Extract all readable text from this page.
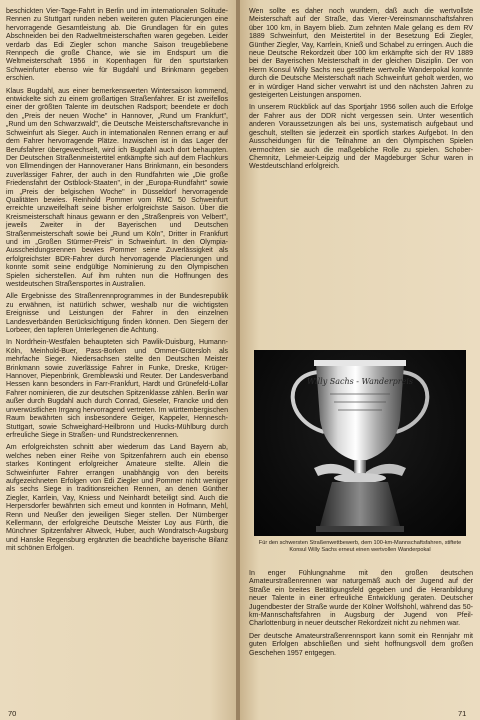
beschickten Vier-Tage-Fahrt in Berlin und im internationalen Solitude-Rennen zu Stuttgart runden neben weiteren guten Placierungen eine hervorragende Gesamtleistung ab. Die Grundlagen für ein gutes Abschneiden bei den Radweltmeisterschaften waren gegeben. Leider verdarb das Edi Ziegler schon manche Saison treugebliebene Rennpech die große Chance, wie sie im Endspurt um die Weltmeisterschaft 1956 in Kopenhagen für den spurtstarken Schweinfurter ebenso wie für Bugdahl und Brinkmann gegeben erschien.

Klaus Bugdahl, aus einer bemerkenswerten Wintersaison kommend, entwickelte sich zu einem großartigen Straßenfahrer. Er ist zweifellos einer der größten Talente im deutschen Radsport; beendete er doch den „Preis der neuen Woche" in Hannover, „Rund um Frankfurt", „Rund um den Schwarzwald", die Deutsche Meisterschaftsrevanche in Schweinfurt als Sieger. Auch in internationalen Rennen errang er auf dem Fahrer hervorragende Plätze. Inzwischen ist in das Lager der Berufsfahrer übergewechselt, wird ich Bugdahl auch dort behaupten. Der Deutschen Straßenmeistertitel entkämpfte sich auf dem Flachkurs von Ellmendingen der Hannoveraner Hans Brinkmann, ein besonders zuverlässiger Fahrer, der auch in den Rundfahrten wie „Die große Friedensfahrt der Ostblock-Staaten", in der „Europa-Rundfahrt" sowie im „Preis der belgischen Woche" in Düsseldorf hervorragende Qualitäten bewies. Reinhold Pommer vom RMC 50 Schweinfurt erreichte unzweifelhaft seine bisher erfolgreichste Saison. Über die Kreismeisterschaft hinaus gewann er den „Straßenpreis von Velbert", jeweils Zweiter in der Bayerischen und Deutschen Straßenmeisterschaft sowie bei „Rund um Köln", Dritter in Frankfurt und im „Großen Stürmer-Preis" in Schweinfurt. In den Olympia-Ausscheidungsrennen bewies Pommer seine Zuverlässigkeit als erfolgreichster BDR-Fahrer durch hervorragende Placierungen und konnte somit seine endgültige Nominierung zu den Olympischen Spielen sicherstellen. Auf ihm ruhten nun die Hoffnungen des westdeutschen Straßensportes in Australien.

Alle Ergebnisse des Straßenrennprogrammes in der Bundesrepublik zu erwähnen, ist natürlich schwer, weshalb nur die wichtigsten Ereignisse und Leistungen der Fahrer in den einzelnen Landesverbänden Berücksichtigung finden können. Den Siegern der Lorbeer, den tapferen Unterlegenen die Achtung.

In Nordrhein-Westfalen behaupteten sich Pawlik-Duisburg, Humann-Köln, Meinhold-Buer, Pass-Borken und Ommer-Gütersloh als mehrfache Sieger. Niedersachsen stellte den Deutschen Meister Brinkmann sowie zuverlässige Fahrer in Funke, Dreske, Krüger-Hannover, Piepenbrink, Gremblewski und Reuter. Der Landesverband Hessen kann besonders in Farr-Frankfurt, Hardt und Grünefeld-Lollar Fahrer nominieren, die zur deutschen Spitzenklasse zählen. Berlin war außer durch Bugdahl auch durch Conrad, Gieseler, Francke und den unverwüstlichen Irrgang hervorragend vertreten. Im württembergischen Raum bewährten sich insbesondere Geiger, Kappeler, Hennesch-Stuttgart, sowie Schweighard-Heilbronn und Hucks-Mühlburg durch erfreuliche Siege in Straßen- und Rundstreckenrennen.

Am erfolgreichsten schnitt aber wiederum das Land Bayern ab, welches neben einer Reihe von Spitzenfahrern auch ein ebenso starkes Kontingent erfolgreicher Amateure stellte. Allein die Schweinfurter Fahrer errangen unabhängig von den bereits aufgezeichneten Erfolgen von Edi Ziegler und Pommer nicht weniger als sechs Siege in traditionsreichen Rennen, an denen Günther Ziegler, Karrlein, Vay, Kniess und Neinhardt beteiligt sind. Auch die Herpersdorfer bewährten sich erneut und konnten in Hofmann, Mehl, Renn und Neußer den jeweiligen Sieger stellen. Der Nürnberger Kellermann, der erfolgreiche Deutsche Meister Loy aus Fürth, die Münchner Spitzenfahrer Altweck, Huber, auch Wondratsch-Augsburg und Hanske Regensburg ergänzten die beachtliche bayerische Bilanz mit schönen Erfolgen.

70

Wen sollte es daher noch wundern, daß auch die wertvollste Meisterschaft auf der Straße, das Vierer-Vereinsmannschaftsfahren über 100 km, in Bayern blieb. Zum zehnten Male gelang es dem RV 1889 Schweinfurt, den Meistertitel in der Besetzung Edi Ziegler, Günther Ziegler, Vay, Karrlein, Knieß und Schabel zu erringen. Auch die neue Deutsche Rekordzeit über 100 km erkämpfte sich der RV 1889 bei der Bayerischen Meisterschaft in der gleichen Disziplin. Der von Herrn Konsul Willy Sachs neu gestiftete wertvolle Wanderpokal konnte durch die Deutsche Meisterschaft nach Schweinfurt geholt werden, wo er in würdiger Hand sicher verwahrt ist und den nächsten Jahren zu gesteigerten Leistungen anspornen.

In unserem Rückblick auf das Sportjahr 1956 sollen auch die Erfolge der Fahrer aus der DDR nicht vergessen sein. Unter wesentlich anderen Voraussetzungen als bei uns, systematisch aufgebaut und geschult, stellten sie jederzeit ein sportlich starkes Aufgebot. In den Ausscheidungen für die Teilnahme an den Olympischen Spielen vermochten sie auch die maßgebliche Rolle zu spielen. Schober-Chemnitz, Lehmeier-Leipzig und der Magdeburger Schur waren in Westdeutschland erfolgreich.

Willy Sachs - Wanderpreis
Für den schwersten Straßenwettbewerb, dem 100-km-Mannschaftsfahren, stiftete Konsul Willy Sachs erneut einen wertvollen Wanderpokal

In enger Fühlungnahme mit den großen deutschen Amateurstraßenrennen war naturgemäß auch der Jugend auf der Straße ein breites Betätigungsfeld gegeben und die Heranbildung neuer Talente in einer erfreuliche Entwicklung geraten. Deutscher Jugendbester der Straße wurde der Kölner Wolfshohl, während das 50-km-Mannschaftsfahren in Augsburg der Jugend von Pfeil-Charlottenburg in neuer deutscher Rekordzeit nicht zu nehmen war.

Der deutsche Amateurstraßenrennsport kann somit ein Rennjahr mit guten Erfolgen abschließen und sieht hoffnungsvoll dem großen Geschehen 1957 entgegen.

71
